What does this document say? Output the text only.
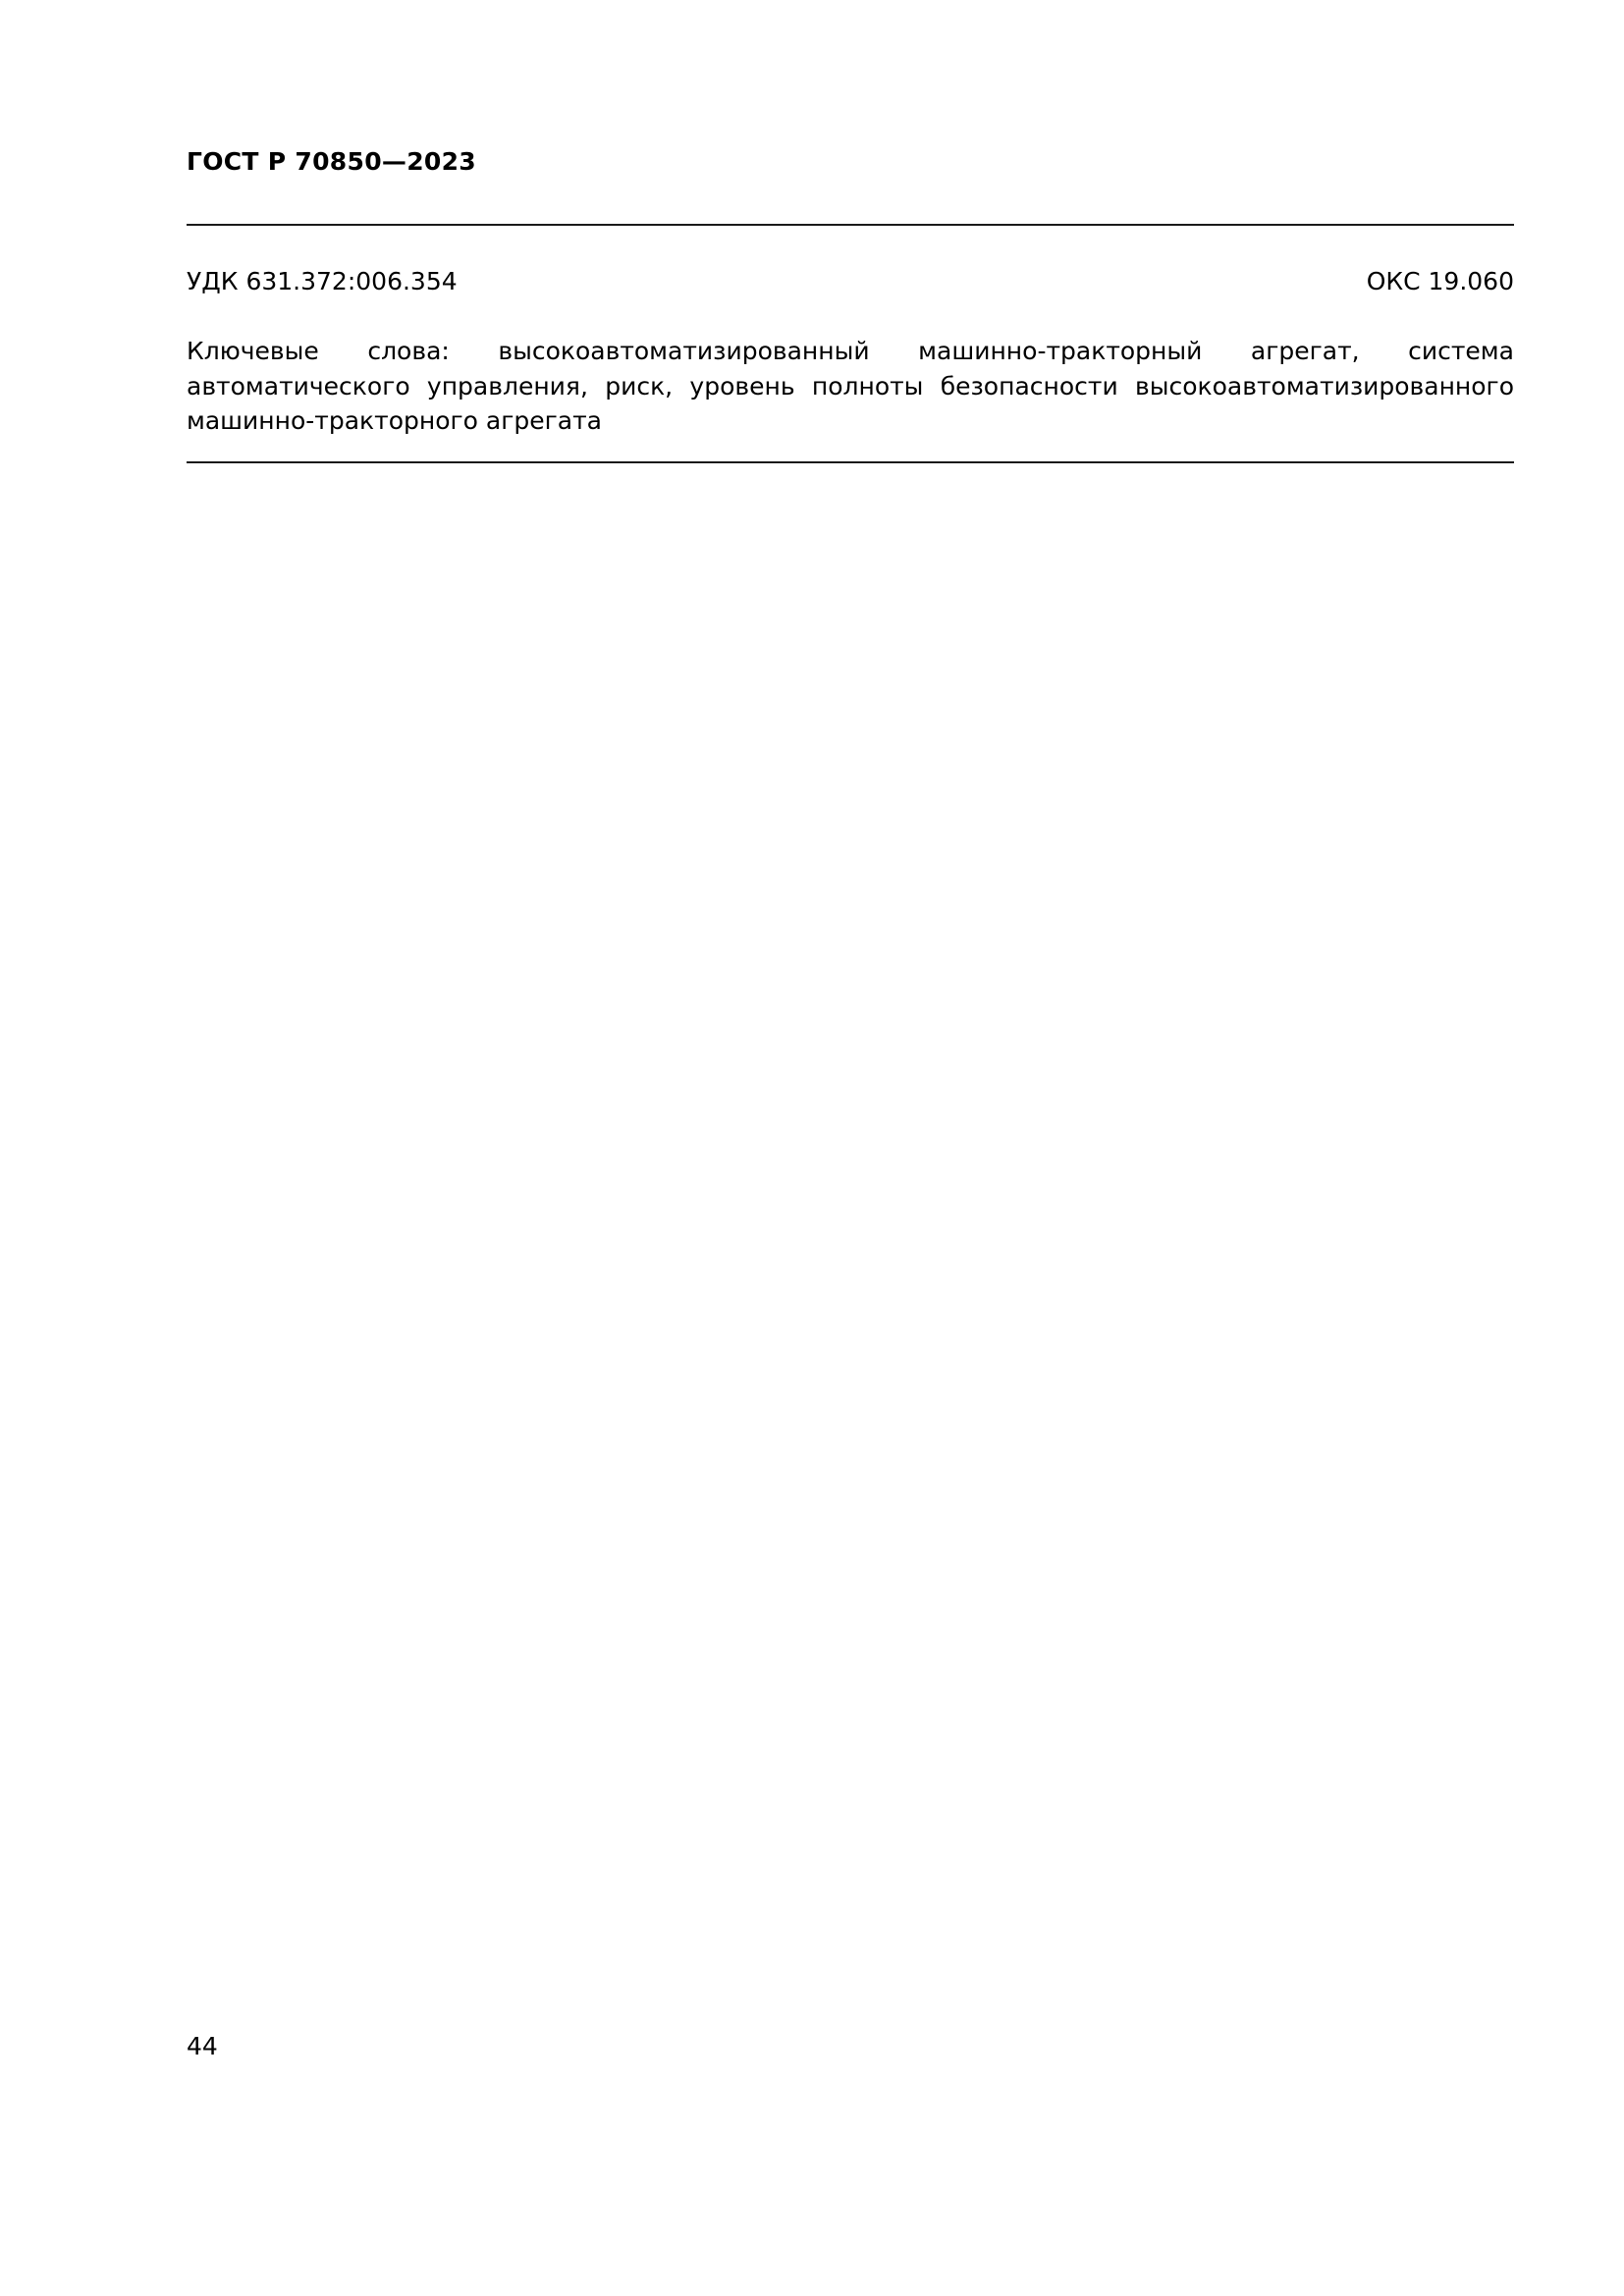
ГОСТ Р 70850—2023
УДК 631.372:006.354	ОКС 19.060
Ключевые слова: высокоавтоматизированный машинно-тракторный агрегат, система автоматического управления, риск, уровень полноты безопасности высокоавтоматизированного машинно-тракторного агрегата
44
